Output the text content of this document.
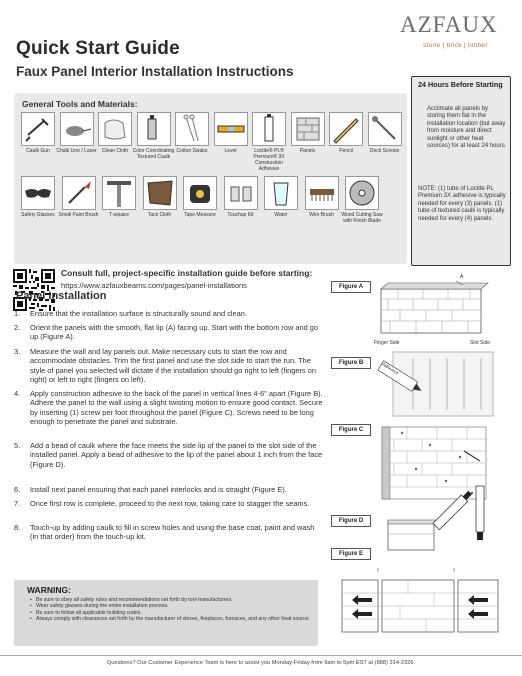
Quick Start Guide
Faux Panel Interior Installation Instructions
AZFAUX
stone | brick | timber
General Tools and Materials:
Caulk Gun	Chalk Line / Laser	Clean Cloth Color Coordinating Textured Caulk
Cotton Swabs	Level	Loctite® PL® Premium® 3X Construction Adhesive
Panels	Pencil	Deck Screws
Safety Glasses Small Paint Brush	T-square	Tack Cloth	Tape Measure	Touchup Kit	Water	Wire Brush	Wood Cutting Saw with Finish Blade
24 Hours Before Starting
Acclimate all panels by storing them flat in the installation location (but away from moisture and direct sunlight or other heat sources) for at least 24 hours.
NOTE: (1) tube of Loctite PL Premium 3X adhesive is typically needed for every (3) panels. (1) tube of textured caulk is typically needed for every (4) panels.
Consult full, project-specific installation guide before starting:
https://www.azfauxbeams.com/pages/panel-installations
Panel Installation
1. Ensure that the installation surface is structurally sound and clean.
2. Orient the panels with the smooth, flat lip (A) facing up. Start with the bottom row and go up (Figure A).
3. Measure the wall and lay panels out. Make necessary cuts to start the row and accommodate obstacles. Trim the first panel and use the slot side to start the run. The style of panel you selected will dictate if the installation should go right to left (fingers on right) or left to right (fingers on left).
4. Apply construction adhesive to the back of the panel in vertical lines 4-6" apart (Figure B). Adhere the panel to the wall using a slight twisting motion to ensure good contact. Secure by inserting (1) screw per foot throughout the panel (Figure C). Screws need to be long enough to penetrate the panel and substrate.
5. Add a bead of caulk where the face meets the side lip of the panel to the slot side of the installed panel. Apply a bead of adhesive to the lip of the panel about 1 inch from the face (Figure D).
6. Install next panel ensuring that each panel interlocks and is straight (Figure E).
7. Once first row is complete, proceed to the next row, taking care to stagger the seams.
8. Touch-up by adding caulk to fill in screw holes and using the base coat, paint and wash (in that order) from the touch-up kit.
Figure A
A
Finger Side	Slot Side
Figure B	Adhesive
Figure C
Figure D
Figure E
WARNING:
• Be sure to obey all safety rules and recommendations set forth by tool manufacturers.
• Wear safety glasses during the entire installation process.
• Be sure to follow all applicable building codes.
• Always comply with clearances set forth by the manufacturer of stoves, fireplaces, furnaces, and any other heat source.
Questions? Our Customer Experience Team is here to assist you Monday-Friday from 9am to 5pm EST at (888) 314-2326.
